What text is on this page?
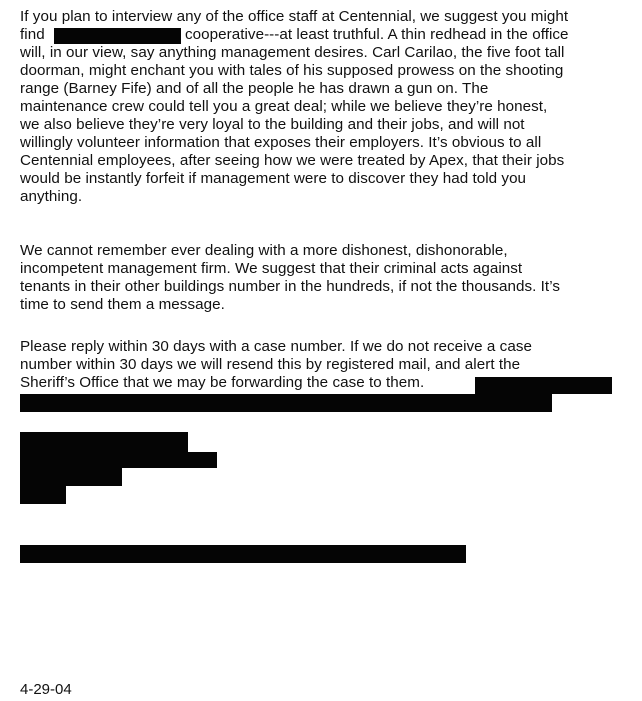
If you plan to interview any of the office staff at Centennial, we suggest you might
find	cooperative---at least truthful. A thin redhead in the office
will, in our view, say anything management desires. Carl Carilao, the five foot tall
doorman, might enchant you with tales of his supposed prowess on the shooting
range (Barney Fife) and of all the people he has drawn a gun on. The
maintenance crew could tell you a great deal; while we believe they’re honest,
we also believe they’re very loyal to the building and their jobs, and will not
willingly volunteer information that exposes their employers. It’s obvious to all
Centennial employees, after seeing how we were treated by Apex, that their jobs
would be instantly forfeit if management were to discover they had told you
anything.
We cannot remember ever dealing with a more dishonest, dishonorable,
incompetent management firm. We suggest that their criminal acts against
tenants in their other buildings number in the hundreds, if not the thousands. It’s
time to send them a message.
Please reply within 30 days with a case number. If we do not receive a case
number within 30 days we will resend this by registered mail, and alert the
Sheriff’s Office that we may be forwarding the case to them.
4-29-04
